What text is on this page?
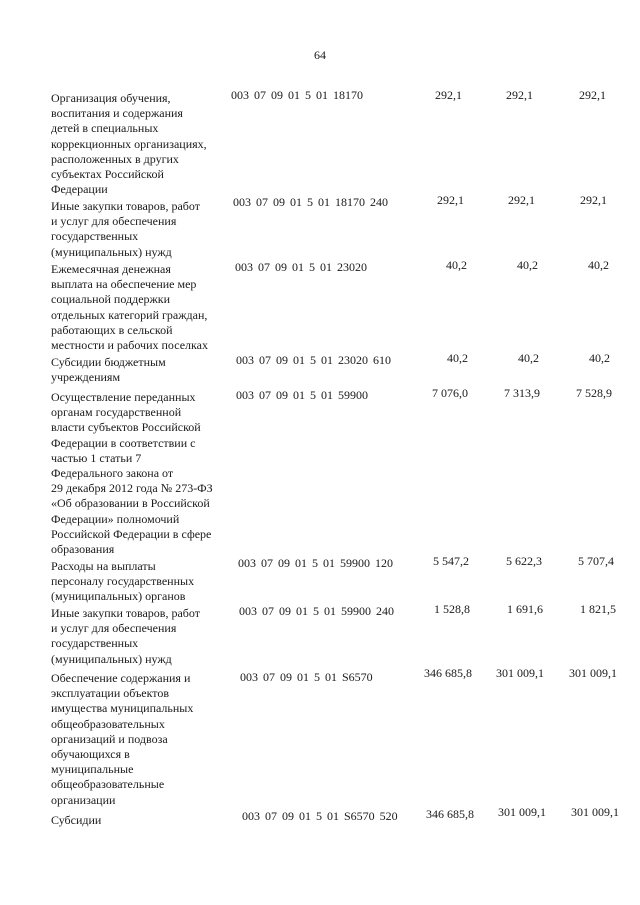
64
Организация обучения,
воспитания и содержания
детей в специальных
коррекционных организациях,
расположенных в других
субъектах Российской
Федерации
003 07 09 01 5 01 18170	292,1	292,1	292,1
Иные закупки товаров, работ
и услуг для обеспечения
государственных
(муниципальных) нужд
003 07 09 01 5 01 18170 240	292,1	292,1	292,1
Ежемесячная денежная
выплата на обеспечение мер
социальной поддержки
отдельных категорий граждан,
работающих в сельской
местности и рабочих поселках
003 07 09 01 5 01 23020	40,2	40,2	40,2
Субсидии бюджетным
учреждениям
003 07 09 01 5 01 23020 610	40,2	40,2	40,2
Осуществление переданных
органам государственной
власти субъектов Российской
Федерации в соответствии с
частью 1 статьи 7
Федерального закона от
29 декабря 2012 года № 273-ФЗ
«Об образовании в Российской
Федерации» полномочий
Российской Федерации в сфере
образования
003 07 09 01 5 01 59900	7 076,0	7 313,9	7 528,9
Расходы на выплаты
персоналу государственных
(муниципальных) органов
003 07 09 01 5 01 59900 120	5 547,2	5 622,3	5 707,4
Иные закупки товаров, работ
и услуг для обеспечения
государственных
(муниципальных) нужд
003 07 09 01 5 01 59900 240	1 528,8	1 691,6	1 821,5
Обеспечение содержания и
эксплуатации объектов
имущества муниципальных
общеобразовательных
организаций и подвоза
обучающихся в
муниципальные
общеобразовательные
организации
003 07 09 01 5 01 S6570	346 685,8	301 009,1	301 009,1
Субсидии	003 07 09 01 5 01 S6570 520	346 685,8	301 009,1	301 009,1
